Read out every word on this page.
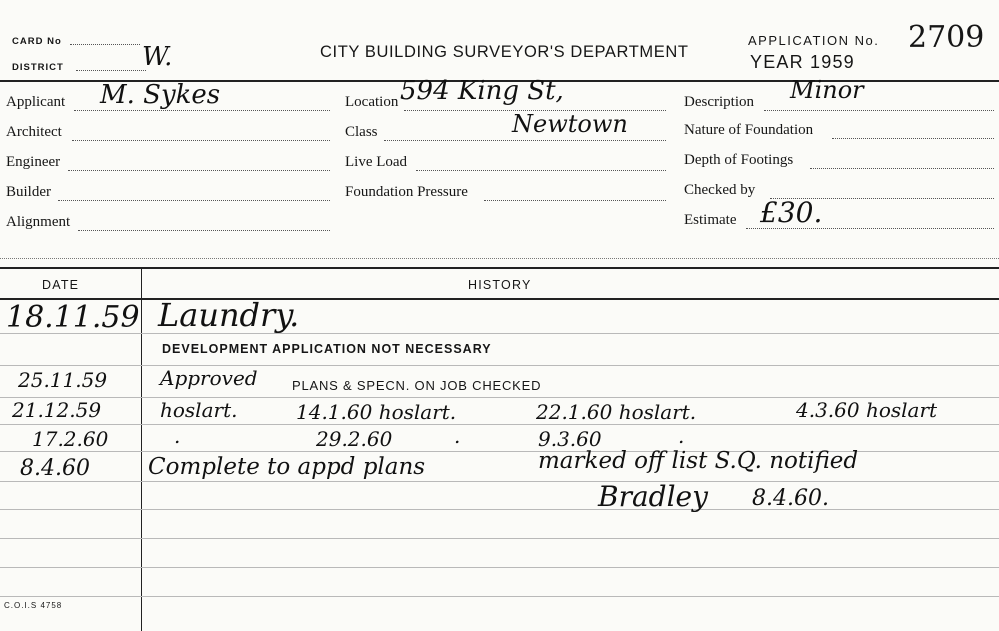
CARD No
DISTRICT	W.	CITY BUILDING SURVEYOR'S DEPARTMENT
APPLICATION No. 2709
YEAR 1959
Applicant M. Sykes
Architect
Engineer
Builder
Alignment
Location 594 King St,
Class	Newtown
Live Load
Foundation Pressure
Description Minor
Nature of Foundation
Depth of Footings
Checked by
Estimate £30.
DATE	HISTORY
18.11.59 Laundry.
DEVELOPMENT APPLICATION NOT NECESSARY
25.11.59	Approved	PLANS & SPECN. ON JOB CHECKED
21.12.59	hoslart.	14.1.60 hoslart.	22.1.60 hoslart.	4.3.60 hoslart
17.2.60	.	29.2.60	.	9.3.60	.
8.4.60	Complete to appd plans	marked off list S.Q. notified
Bradley 8.4.60.
C.O.I.S 4758
